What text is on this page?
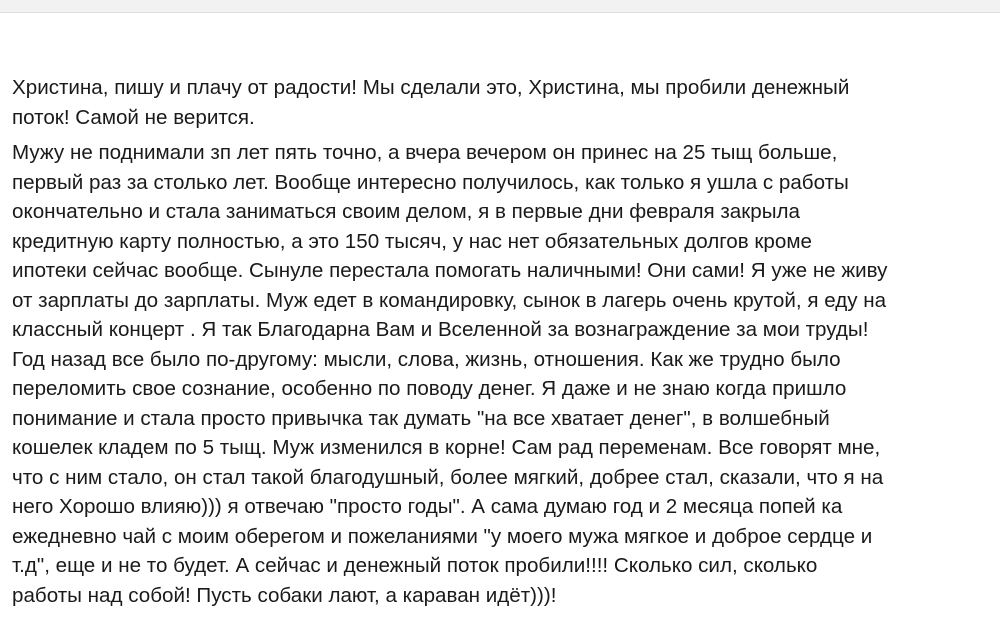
Христина, пишу и плачу от радости! Мы сделали это, Христина, мы пробили денежный
поток! Самой не верится.

Мужу не поднимали зп лет пять точно, а вчера вечером он принес на 25 тыщ больше,
первый раз за столько лет. Вообще интересно получилось, как только я ушла с работы
окончательно и стала заниматься своим делом, я в первые дни февраля закрыла
кредитную карту полностью, а это 150 тысяч, у нас нет обязательных долгов кроме
ипотеки сейчас вообще. Сынуле перестала помогать наличными! Они сами! Я уже не живу
от зарплаты до зарплаты. Муж едет в командировку, сынок в лагерь очень крутой, я еду на
классный концерт . Я так Благодарна Вам и Вселенной за вознаграждение за мои труды!
Год назад все было по-другому: мысли, слова, жизнь, отношения. Как же трудно было
переломить свое сознание, особенно по поводу денег. Я даже и не знаю когда пришло
понимание и стала просто привычка так думать "на все хватает денег", в волшебный
кошелек кладем по 5 тыщ. Муж изменился в корне! Сам рад переменам. Все говорят мне,
что с ним стало, он стал такой благодушный, более мягкий, добрее стал, сказали, что я на
него Хорошо влияю))) я отвечаю "просто годы". А сама думаю год и 2 месяца попей ка
ежедневно чай с моим оберегом и пожеланиями "у моего мужа мягкое и доброе сердце и
т.д", еще и не то будет. А сейчас и денежный поток пробили!!!! Сколько сил, сколько
работы над собой! Пусть собаки лают, а караван идёт)))!
